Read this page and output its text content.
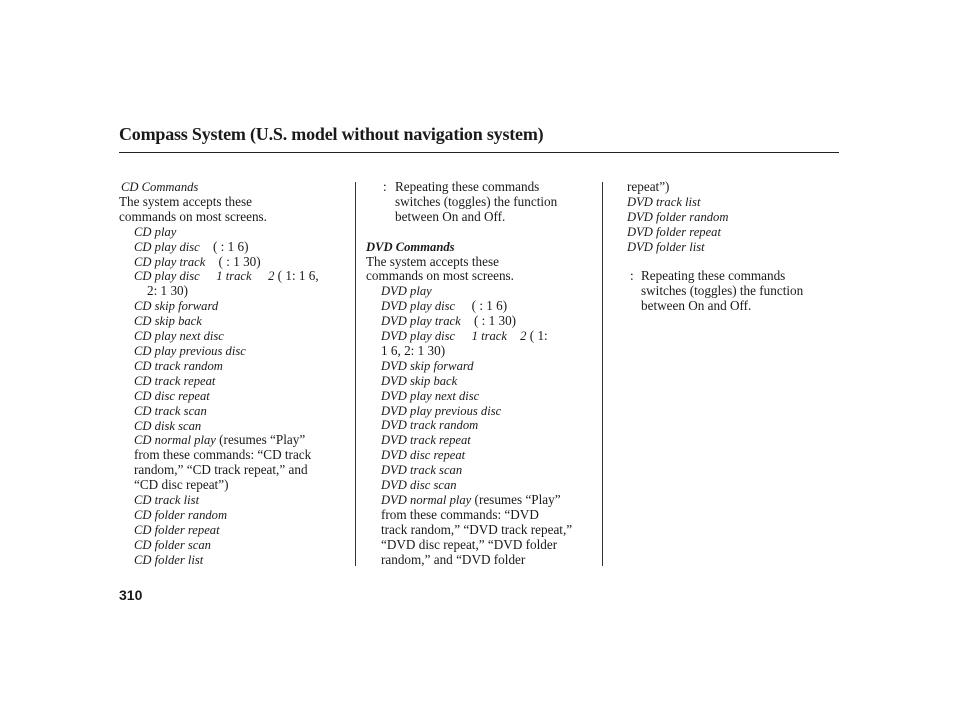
Compass System (U.S. model without navigation system)
CD Commands
The system accepts these
commands on most screens.
CD play
CD play disc ( : 1 6)
CD play track ( : 1 30)
CD play disc 1 track 2 ( 1: 1 6,
2: 1 30)
CD skip forward
CD skip back
CD play next disc
CD play previous disc
CD track random
CD track repeat
CD disc repeat
CD track scan
CD disk scan
CD normal play (resumes “Play”
from these commands: “CD track
random,” “CD track repeat,” and
“CD disc repeat”)
CD track list
CD folder random
CD folder repeat
CD folder scan
CD folder list
: Repeating these commands
switches (toggles) the function
between On and Off.
DVD Commands
The system accepts these
commands on most screens.
DVD play
DVD play disc ( : 1 6)
DVD play track ( : 1 30)
DVD play disc 1 track 2 ( 1:
1 6, 2: 1 30)
DVD skip forward
DVD skip back
DVD play next disc
DVD play previous disc
DVD track random
DVD track repeat
DVD disc repeat
DVD track scan
DVD disc scan
DVD normal play (resumes “Play”
from these commands: “DVD
track random,” “DVD track repeat,”
“DVD disc repeat,” “DVD folder
random,” and “DVD folder
repeat”)
DVD track list
DVD folder random
DVD folder repeat
DVD folder list
: Repeating these commands
switches (toggles) the function
between On and Off.
310
